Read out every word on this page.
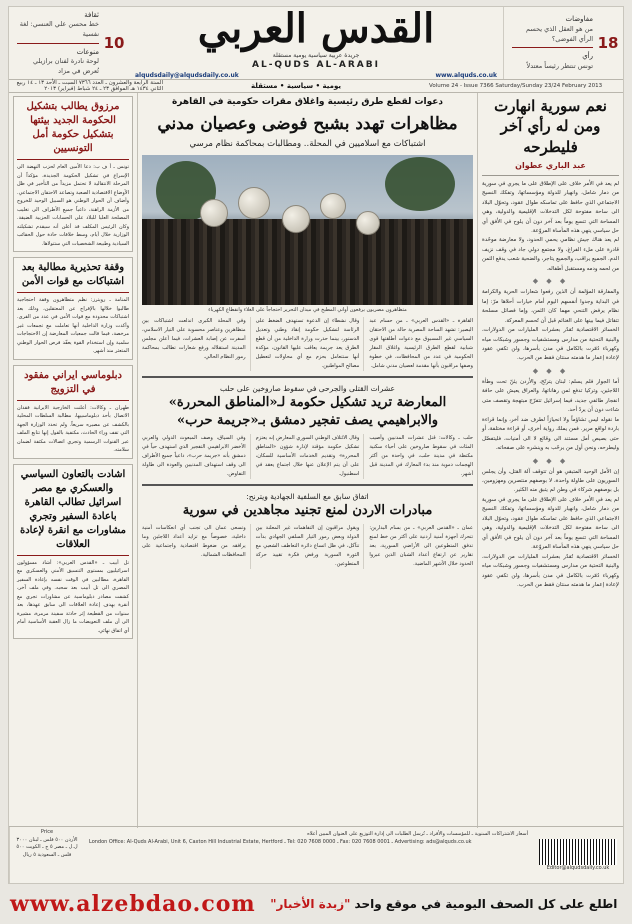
ثقافة
خط محسن علي العنسي: لغة نفسية
منوعات
لوحة نادرة لفنان برازيلي تُعرض في مزاد
10 القدس العربي
جريدة عربية سياسية يومية مستقلة
AL-QUDS AL-ARABI
alqudsdaily@alqudsdaily.co.uk	www.alquds.co.uk
مفاوضات
من هو العقل الذي يحسم الرأي الفوضى؟
رأي
تونس تنتظر رئيساً معتدلاً
18
السنة الرابعة والعشرون ـ العدد ٧٣٦٦ السبت ـ الأحد ١٣ ـ ١٤ ربيع الثاني ١٤٣٤ هـ الموافق ٢٣ ـ ٢٤ شباط (فبراير) ٢٠١٣	يومية • سياسية • مستقلة	Volume 24 - Issue 7366 Saturday/Sunday 23/24 February 2013
نعم سورية انهارت ومن له رأي آخر فليطرحه
عبد الباري عطوان
لم يعد في الأمر خلاف على الإطلاق على ما يجري في سورية من دمار شامل، وانهيار للدولة ومؤسساتها، وتفكك النسيج الاجتماعي الذي حافظ على تماسكه طوال عقود، وتحوّل البلاد الى ساحة مفتوحة لكل التدخلات الإقليمية والدولية، وهي المساحة التي تتسع يوماً بعد آخر دون أن يلوح في الأفق أي حل سياسي ينهي هذه المأساة المروّعة.
لم يعد هناك جيش نظامي يحمي الحدود، ولا معارضة موحّدة قادرة على ملء الفراغ، ولا مجتمع دولي جاد في وقف نزيف الدم. الجميع يراقب، والجميع يتاجر، والضحية شعب يدفع الثمن من لحمه ودمه ومستقبل أطفاله.
◆ ◆ ◆
والمفارقة المؤلمة أن الذين رفعوا شعارات الحرية والكرامة في البداية وجدوا أنفسهم اليوم أمام خيارات أحلاها مرّ: إما نظام يرفض التنحي مهما كان الثمن، وإما فصائل مسلحة تتقاتل فيما بينها على الغنائم قبل أن تُحسم المعركة.
الخسائر الاقتصادية تُقدّر بعشرات المليارات من الدولارات، والبنية التحتية من مدارس ومستشفيات وجسور وشبكات مياه وكهرباء دُمّرت بالكامل في مدن بأسرها، ولن تكفي عقود لإعادة إعمار ما هدمته سنتان فقط من الحرب.
◆ ◆ ◆
أما الجوار فلم يسلم: لبنان يترنّح، والأردن يئنّ تحت وطأة اللاجئين، وتركيا تدفع ثمن رهاناتها، والعراق يعيش على حافة انفجار طائفي جديد، فيما إسرائيل تتفرّج مبتهجة وتقصف متى شاءت دون أن يردّ أحد.
ما نقوله ليس تشاؤماً ولا انحيازاً لطرف ضد آخر، وإنما قراءة باردة لواقع مرير. فمن يملك رواية أخرى، أو قراءة مختلفة، أو حتى بصيص أمل مستند الى وقائع لا الى أمنيات، فليتفضّل وليطرحه، ونحن أول من يرحّب به وينشره على صفحاته.
◆ ◆ ◆
إن الأمل الوحيد المتبقي هو أن تتوقف آلة القتل، وأن يجلس السوريون على طاولة واحدة، لا بوصفهم منتصرين ومهزومين، بل بوصفهم شركاء في وطن لم يتبق منه الكثير.
لم يعد في الأمر خلاف على الإطلاق على ما يجري في سورية من دمار شامل، وانهيار للدولة ومؤسساتها، وتفكك النسيج الاجتماعي الذي حافظ على تماسكه طوال عقود، وتحوّل البلاد الى ساحة مفتوحة لكل التدخلات الإقليمية والدولية، وهي المساحة التي تتسع يوماً بعد آخر دون أن يلوح في الأفق أي حل سياسي ينهي هذه المأساة المروّعة.
الخسائر الاقتصادية تُقدّر بعشرات المليارات من الدولارات، والبنية التحتية من مدارس ومستشفيات وجسور وشبكات مياه وكهرباء دُمّرت بالكامل في مدن بأسرها، ولن تكفي عقود لإعادة إعمار ما هدمته سنتان فقط من الحرب.
دعوات لقطع طرق رئيسية واغلاق مقرات حكومية في القاهرة
مظاهرات تهدد بشبح فوضى وعصيان مدني
اشتباكات مع اسلاميين في المحلة.. ومطالبات بمحاكمة نظام مرسي
متظاهرون مصريون يرفعون أواني المطبخ في ميدان التحرير احتجاجاً على الغلاء وانقطاع الكهرباء
القاهرة ـ «القدس العربي» ـ من حسام عبد البصير: تشهد الساحة المصرية حالة من الاحتقان السياسي غير المسبوق مع دعوات أطلقتها قوى شبابية لقطع الطرق الرئيسية واغلاق المقار الحكومية في عدد من المحافظات، في خطوة وصفها مراقبون بأنها مقدمة لعصيان مدني شامل.
وقال نشطاء إن الدعوة تستهدف الضغط على الرئاسة لتشكيل حكومة إنقاذ وطني وتعديل الدستور، بينما حذرت وزارة الداخلية من أن قطع الطرق يعد جريمة يعاقب عليها القانون، مؤكدة أنها ستتعامل بحزم مع أي محاولات لتعطيل مصالح المواطنين.
وفي المحلة الكبرى اندلعت اشتباكات بين متظاهرين وعناصر محسوبة على التيار الاسلامي، أسفرت عن إصابة العشرات، فيما أعلن مجلس المدينة استقلاله ورفع شعارات تطالب بمحاكمة رموز النظام الحالي.
عشرات القتلى والجرحى في سقوط صاروخين على حلب
المعارضة تريد تشكيل حكومة لـ«المناطق المحررة»
والابراهيمي يصف تفجير دمشق بـ«جريمة حرب»
حلب ـ وكالات: قتل عشرات المدنيين وأصيب المئات في سقوط صاروخين على أحياء سكنية مكتظة في مدينة حلب، في واحدة من أكثر الهجمات دموية منذ بدء المعارك في المدينة قبل أشهر.
وقال الائتلاف الوطني السوري المعارض إنه يعتزم تشكيل حكومة مؤقتة لإدارة شؤون «المناطق المحررة» وتقديم الخدمات الأساسية للسكان، على أن يتم الإعلان عنها خلال اجتماع يعقد في اسطنبول.
وفي السياق، وصف المبعوث الدولي والعربي الأخضر الابراهيمي التفجير الذي استهدف حياً في دمشق بأنه «جريمة حرب»، داعياً جميع الأطراف الى وقف استهداف المدنيين والعودة الى طاولة التفاوض.
اتفاق سابق مع السلفية الجهادية ويترنح:
مبادرات الاردن لمنع تجنيد مجاهدين في سورية
عمان ـ «القدس العربي» ـ من بسام البدارين: تتحرك أجهزة أمنية أردنية على أكثر من خط لمنع تدفق المتطوعين الى الأراضي السورية، بعد تقارير عن ارتفاع أعداد الشبان الذين عبروا الحدود خلال الأشهر الماضية.
ويقول مراقبون إن التفاهمات غير المعلنة بين الدولة وبعض رموز التيار السلفي الجهادي بدأت تتآكل، في ظل اتساع دائرة التعاطف الشعبي مع الثورة السورية ورفض فكرة تقييد حركة المتطوعين.
وتسعى عمان الى تجنب أي انعكاسات أمنية داخلية، خصوصاً مع تزايد أعداد اللاجئين وما يرافقه من ضغوط اقتصادية واجتماعية على المحافظات الشمالية.
مرزوق يطالب بتشكيل الحكومة الجديد بيئتها بتشكيل حكومة أمل التونسيين
تونس ـ أ ف ب: دعا الأمين العام لحزب النهضة الى الإسراع في تشكيل الحكومة الجديدة، مؤكداً أن المرحلة الانتقالية لا تحتمل مزيداً من التأخير في ظل الأوضاع الاقتصادية الصعبة وتصاعد الاحتقان الاجتماعي. وأضاف أن الحوار الوطني هو السبيل الوحيد للخروج من الأزمة الراهنة، داعياً جميع الأطراف الى تغليب المصلحة العليا للبلاد على الحسابات الحزبية الضيقة. وكان الرئيس المكلف قد أعلن أنه سيقدم تشكيلته الوزارية خلال أيام، وسط خلافات حادة حول الحقائب السيادية وطبيعة الشخصيات التي ستتولاها.
وقفة تحذيرية مطالبة بعد اشتباكات مع قوات الأمن
المنامة ـ رويترز: نظم متظاهرون وقفة احتجاجية طالبوا خلالها بالإفراج عن المعتقلين، وذلك بعد اشتباكات محدودة مع قوات الأمن في عدد من القرى. وأكدت وزارة الداخلية أنها تعاملت مع تجمعات غير مرخصة، فيما قالت جمعيات المعارضة إن الاحتجاجات سلمية وإن استخدام القوة يعقّد فرص الحوار الوطني المتعثر منذ أشهر.
دبلوماسي ايراني مفقود في التزويج
طهران ـ وكالات: أعلنت الخارجية الايرانية فقدان الاتصال بأحد دبلوماسييها، مطالبة السلطات المحلية بالكشف عن مصيره سريعاً. ولم تحدد الوزارة الجهة التي تقف وراء الحادث، مكتفية بالقول إنها تتابع الملف عبر القنوات الرسمية وتجري اتصالات مكثفة لضمان سلامته.
اشادت بالتعاون السياسي والعسكري مع مصر اسرائيل تطالب القاهرة باعادة السفير وتجري مشاورات مع انقرة لإعادة العلاقات
تل أبيب ـ «القدس العربي»: أشاد مسؤولون اسرائيليون بمستوى التنسيق الأمني والعسكري مع القاهرة، مطالبين في الوقت نفسه بإعادة السفير المصري الى تل أبيب بعد سحبه. وفي ملف آخر، كشفت مصادر دبلوماسية عن مشاورات تجري مع أنقرة بهدف إعادة العلاقات الى سابق عهدها، بعد سنوات من القطيعة إثر حادثة سفينة مرمرة، مشيرة الى أن ملف التعويضات ما زال العقبة الأساسية أمام أي اتفاق نهائي.
Price
الأردن ٥٠٠ فلس ـ لبنان ٣٠٠٠ ل.ل ـ مصر ٥ ج ـ الكويت ٥٠٠ فلس ـ السعودية ٥ ريال
أسعار الاشتراكات السنوية ـ للمؤسسات والأفراد ـ تُرسل الطلبات الى إدارة التوزيع على العنوان المبين أعلاه
London Office: Al-Quds Al-Arabi, Unit 6, Caxton Hill Industrial Estate, Hertford ـ Tel: 020 7608 0000 ـ Fax: 020 7608 0001 ـ Advertising: ads@alquds.co.uk
Editor@alqudsdaily.co.uk
www.alzebdao.com	اطلع على كل الصحف اليومية في موقع واحد "زبدة الأخبار"
